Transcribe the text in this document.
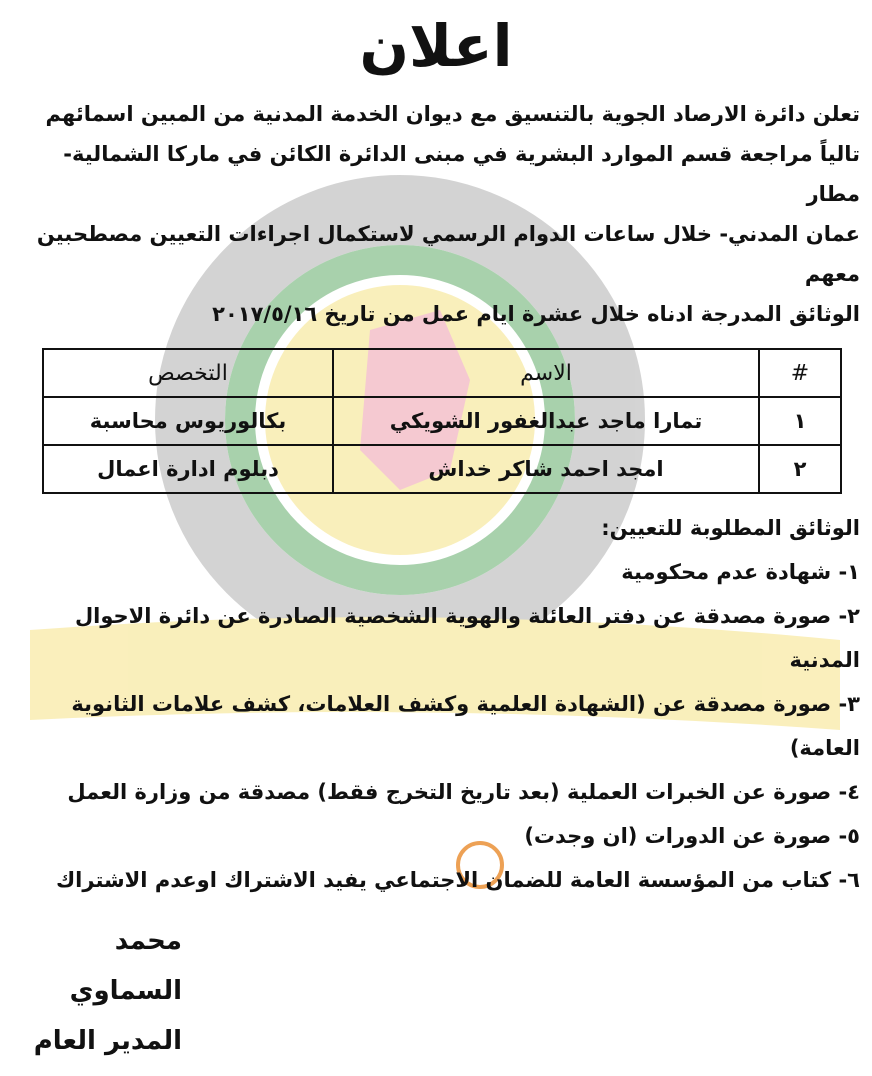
اعلان
تعلن دائرة الارصاد الجوية بالتنسيق مع ديوان الخدمة المدنية من المبين اسمائهم
تالياً مراجعة قسم الموارد البشرية في مبنى الدائرة الكائن في ماركا الشمالية- مطار
عمان المدني- خلال ساعات الدوام الرسمي لاستكمال اجراءات التعيين مصطحبين معهم
الوثائق المدرجة ادناه خلال عشرة ايام عمل من تاريخ ٢٠١٧/٥/١٦
#	الاسم	التخصص
١	تمارا ماجد عبدالغفور الشويكي	بكالوريوس محاسبة
٢	امجد احمد شاكر خداش	دبلوم ادارة اعمال
الوثائق المطلوبة للتعيين:
١- شهادة عدم محكومية
٢- صورة مصدقة عن دفتر العائلة والهوية الشخصية الصادرة عن دائرة الاحوال
المدنية
٣- صورة مصدقة عن (الشهادة العلمية وكشف العلامات، كشف علامات الثانوية
العامة)
٤- صورة عن الخبرات العملية (بعد تاريخ التخرج فقط) مصدقة من وزارة العمل
٥- صورة عن الدورات (ان وجدت)
٦- كتاب من المؤسسة العامة للضمان الاجتماعي يفيد الاشتراك اوعدم الاشتراك
محمد السماوي
المدير العام
